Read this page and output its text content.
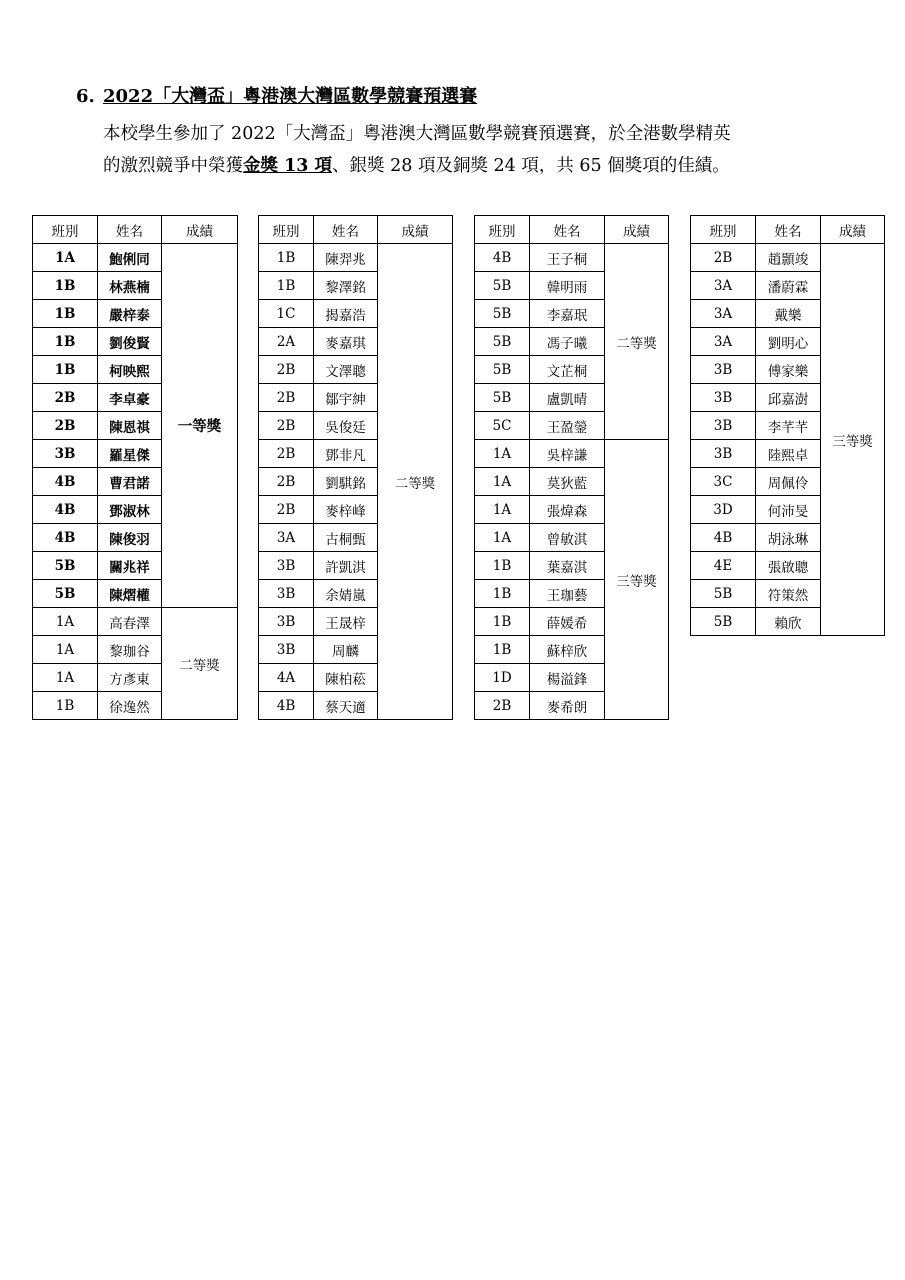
6. 2022「大灣盃」粵港澳大灣區數學競賽預選賽

本校學生參加了 2022「大灣盃」粵港澳大灣區數學競賽預選賽，於全港數學精英

的激烈競爭中榮獲金獎 13 項、銀獎 28 項及銅獎 24 項，共 65 個獎項的佳績。

班別	姓名	成績
1A	鮑俐同	一等獎
1B	林燕楠	
1B	嚴梓泰	
1B	劉俊賢	
1B	柯映熙	
2B	李卓豪	
2B	陳恩祺	
3B	羅星傑	
4B	曹君諾	
4B	鄧淑林	
4B	陳俊羽	
5B	關兆祥	
5B	陳熠權	
1A	高春澤	二等獎
1A	黎珈谷	
1A	方彥東	
1B	徐逸然	
班別	姓名	成績
1B	陳羿兆	二等獎
1B	黎澤銘	
1C	揭嘉浩	
2A	麥嘉琪	
2B	文澤聰	
2B	鄒宇紳	
2B	吳俊廷	
2B	鄧非凡	
2B	劉騏銘	
2B	麥梓峰	
3A	古桐甄	
3B	許凱淇	
3B	余婧嵐	
3B	王晟梓	
3B	周麟	
4A	陳柏菘	
4B	蔡天適	
班別	姓名	成績
4B	王子桐	二等獎
5B	韓明雨	
5B	李嘉珉	
5B	馮子曦	
5B	文芷桐	
5B	盧凱晴	
5C	王盈鎣	
1A	吳梓謙	三等獎
1A	莫狄藍	
1A	張煒森	
1A	曾敏淇	
1B	葉嘉淇	
1B	王珈藝	
1B	薛媛希	
1B	蘇梓欣	
1D	楊溢鋒	
2B	麥希朗	
班別	姓名	成績
2B	趙顥竣	三等獎
3A	潘蔚霖	
3A	戴樂	
3A	劉明心	
3B	傅家樂	
3B	邱嘉澍	
3B	李芊芊	
3B	陸熙卓	
3C	周佩伶	
3D	何沛旻	
4B	胡泳琳	
4E	張啟聰	
5B	符策然	
5B	賴欣	
